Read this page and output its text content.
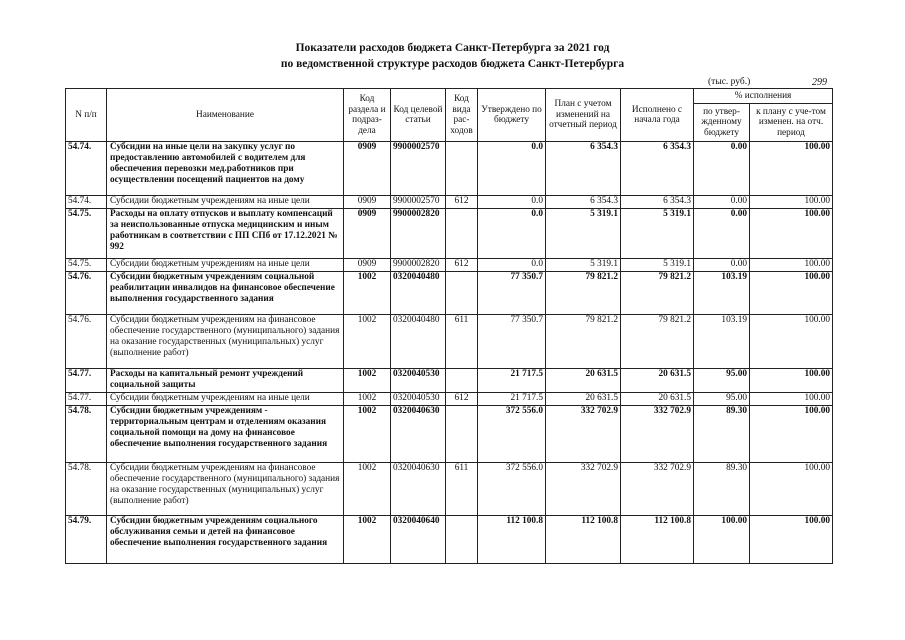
Показатели расходов бюджета Санкт-Петербурга за 2021 год
по ведомственной структуре расходов бюджета Санкт-Петербурга
(тыс. руб.)	299
N п/п	Наименование	Код раздела и подраз-дела	Код целевой статьи	Код вида рас-ходов	Утверждено по бюджету	План с учетом изменений на отчетный период	Исполнено с начала года	% исполнения	
								по утвер-жденному бюджету	к плану с уче-том изменен. на отч. период
54.74.	Субсидии на иные цели на закупку услуг по предоставлению автомобилей с водителем для обеспечения перевозки мед.работников при осуществлении посещений пациентов на дому	0909	9900002570		0.0	6 354.3	6 354.3	0.00	100.00
54.74.	Субсидии бюджетным учреждениям на иные цели	0909	9900002570	612	0.0	6 354.3	6 354.3	0.00	100.00
54.75.	Расходы на оплату отпусков и выплату компенсаций за неиспользованные отпуска медицинским и иным работникам в соответствии с ПП СПб от 17.12.2021 № 992	0909	9900002820		0.0	5 319.1	5 319.1	0.00	100.00
54.75.	Субсидии бюджетным учреждениям на иные цели	0909	9900002820	612	0.0	5 319.1	5 319.1	0.00	100.00
54.76.	Субсидии бюджетным учреждениям социальной реабилитации инвалидов на финансовое обеспечение выполнения государственного задания	1002	0320040480		77 350.7	79 821.2	79 821.2	103.19	100.00
54.76.	Субсидии бюджетным учреждениям на финансовое обеспечение государственного (муниципального) задания на оказание государственных (муниципальных) услуг (выполнение работ)	1002	0320040480	611	77 350.7	79 821.2	79 821.2	103.19	100.00
54.77.	Расходы на капитальный ремонт учреждений социальной защиты	1002	0320040530		21 717.5	20 631.5	20 631.5	95.00	100.00
54.77.	Субсидии бюджетным учреждениям на иные цели	1002	0320040530	612	21 717.5	20 631.5	20 631.5	95.00	100.00
54.78.	Субсидии бюджетным учреждениям - территориальным центрам и отделениям оказания социальной помощи на дому на финансовое обеспечение выполнения государственного задания	1002	0320040630		372 556.0	332 702.9	332 702.9	89.30	100.00
54.78.	Субсидии бюджетным учреждениям на финансовое обеспечение государственного (муниципального) задания на оказание государственных (муниципальных) услуг (выполнение работ)	1002	0320040630	611	372 556.0	332 702.9	332 702.9	89.30	100.00
54.79.	Субсидии бюджетным учреждениям социального обслуживания семьи и детей на финансовое обеспечение выполнения государственного задания	1002	0320040640		112 100.8	112 100.8	112 100.8	100.00	100.00
